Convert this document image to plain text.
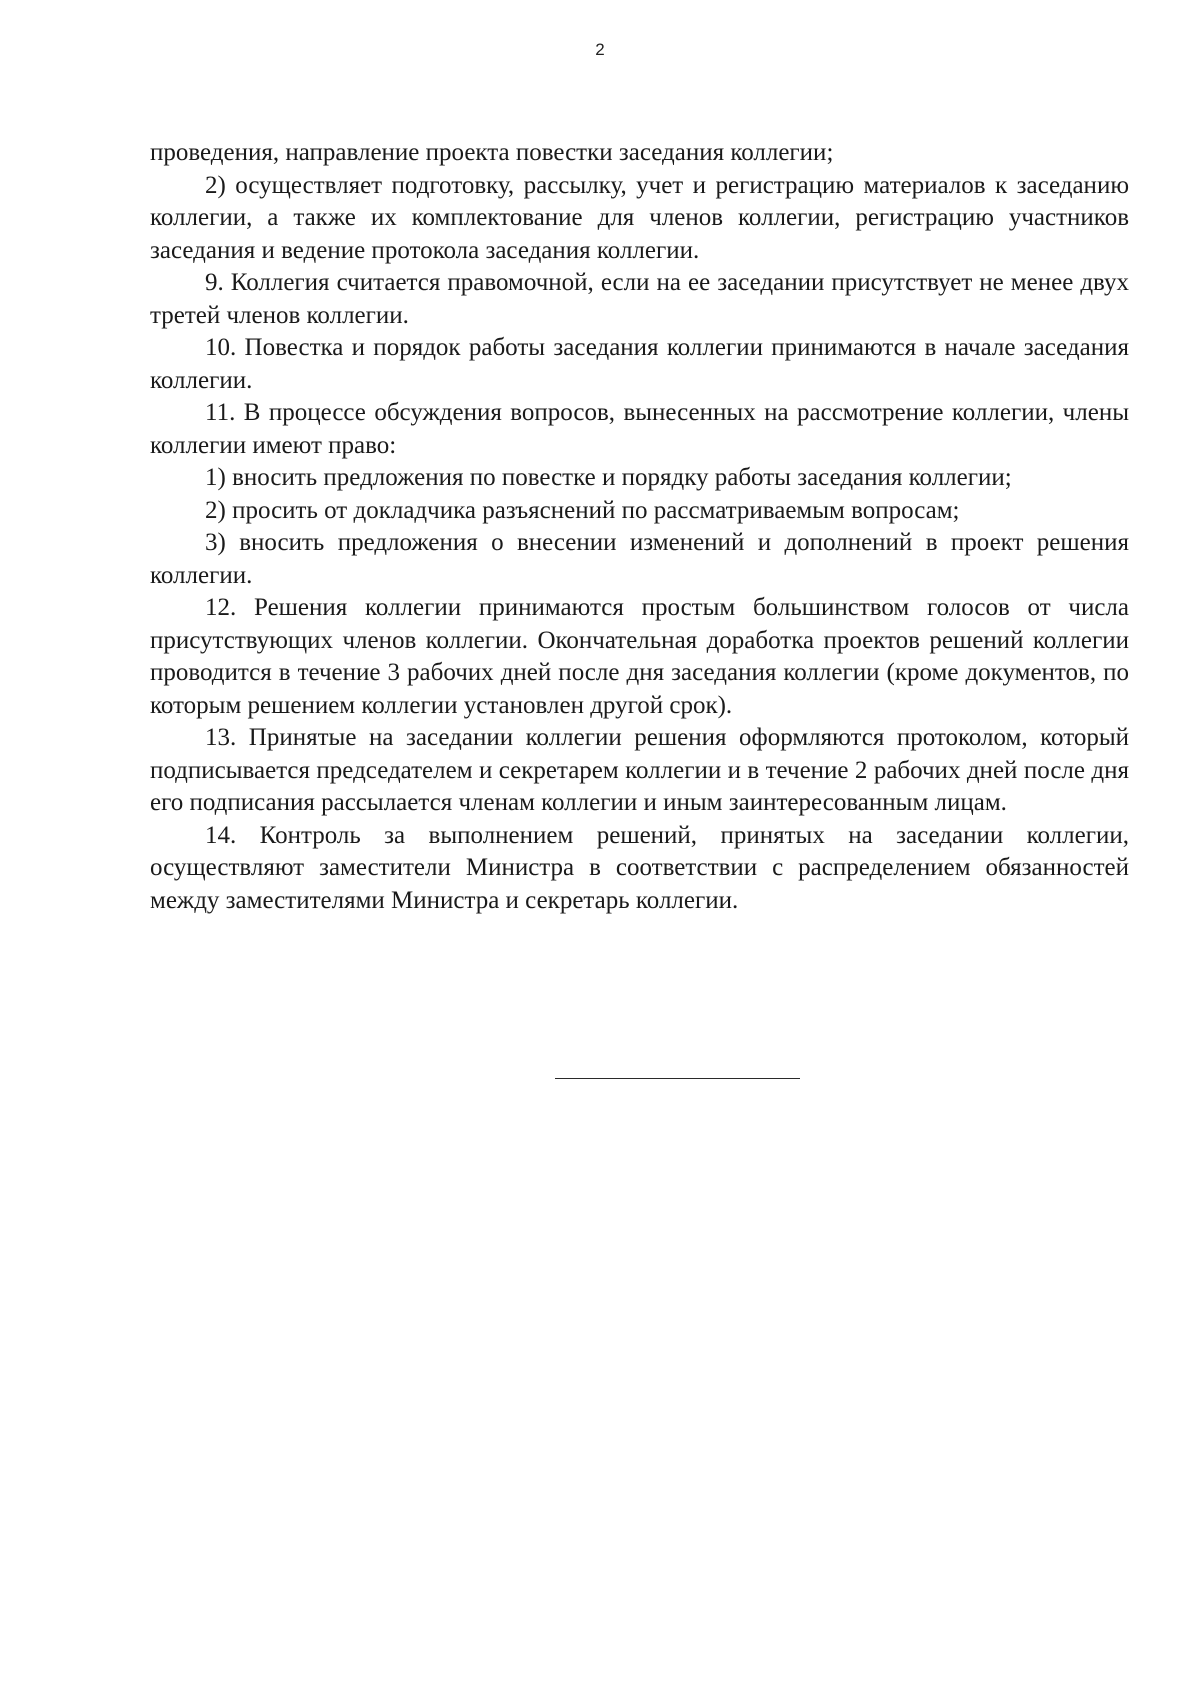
2

проведения, направление проекта повестки заседания коллегии;

2) осуществляет подготовку, рассылку, учет и регистрацию материалов к заседанию коллегии, а также их комплектование для членов коллегии, регистрацию участников заседания и ведение протокола заседания коллегии.

9. Коллегия считается правомочной, если на ее заседании присутствует не менее двух третей членов коллегии.

10. Повестка и порядок работы заседания коллегии принимаются в начале заседания коллегии.

11. В процессе обсуждения вопросов, вынесенных на рассмотрение коллегии, члены коллегии имеют право:

1) вносить предложения по повестке и порядку работы заседания коллегии;

2) просить от докладчика разъяснений по рассматриваемым вопросам;

3) вносить предложения о внесении изменений и дополнений в проект решения коллегии.

12. Решения коллегии принимаются простым большинством голосов от числа присутствующих членов коллегии. Окончательная доработка проектов решений коллегии проводится в течение 3 рабочих дней после дня заседания коллегии (кроме документов, по которым решением коллегии установлен другой срок).

13. Принятые на заседании коллегии решения оформляются протоколом, который подписывается председателем и секретарем коллегии и в течение 2 рабочих дней после дня его подписания рассылается членам коллегии и иным заинтересованным лицам.

14. Контроль за выполнением решений, принятых на заседании коллегии, осуществляют заместители Министра в соответствии с распределением обязанностей между заместителями Министра и секретарь коллегии.
